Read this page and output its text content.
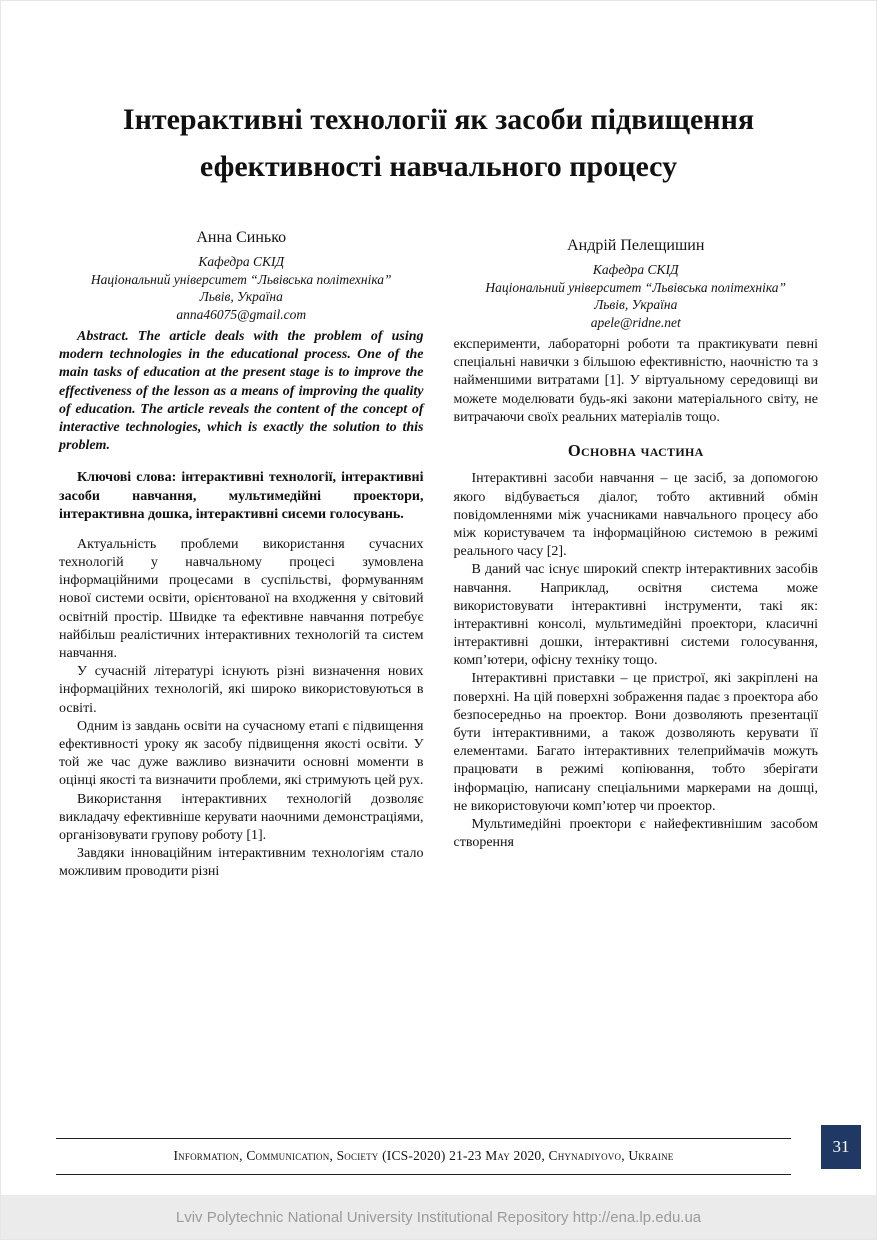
Інтерактивні технології як засоби підвищення ефективності навчального процесу
Анна Синько
Кафедра СКІД
Національний університет “Львівська політехніка”
Львів, Україна
anna46075@gmail.com

Abstract. The article deals with the problem of using modern technologies in the educational process. One of the main tasks of education at the present stage is to improve the effectiveness of the lesson as a means of improving the quality of education. The article reveals the content of the concept of interactive technologies, which is exactly the solution to this problem.

Ключові слова: інтерактивні технології, інтерактивні засоби навчання, мультимедійні проектори, інтерактивна дошка, інтерактивні сисеми голосувань.

Актуальність проблеми використання сучасних технологій у навчальному процесі зумовлена інформаційними процесами в суспільстві, формуванням нової системи освіти, орієнтованої на входження у світовий освітній простір. Швидке та ефективне навчання потребує найбільш реалістичних інтерактивних технологій та систем навчання.

У сучасній літературі існують різні визначення нових інформаційних технологій, які широко використовуються в освіті.

Одним із завдань освіти на сучасному етапі є підвищення ефективності уроку як засобу підвищення якості освіти. У той же час дуже важливо визначити основні моменти в оцінці якості та визначити проблеми, які стримують цей рух.

Використання інтерактивних технологій дозволяє викладачу ефективніше керувати наочними демонстраціями, організовувати групову роботу [1].

Завдяки інноваційним інтерактивним технологіям стало можливим проводити різні

Андрій Пелещишин
Кафедра СКІД
Національний університет “Львівська політехніка”
Львів, Україна
apele@ridne.net

експерименти, лабораторні роботи та практикувати певні спеціальні навички з більшою ефективністю, наочністю та з найменшими витратами [1]. У віртуальному середовищі ви можете моделювати будь-які закони матеріального світу, не витрачаючи своїх реальних матеріалів тощо.

Основна частина

Інтерактивні засоби навчання – це засіб, за допомогою якого відбувається діалог, тобто активний обмін повідомленнями між учасниками навчального процесу або між користувачем та інформаційною системою в режимі реального часу [2].

В даний час існує широкий спектр інтерактивних засобів навчання. Наприклад, освітня система може використовувати інтерактивні інструменти, такі як: інтерактивні консолі, мультимедійні проектори, класичні інтерактивні дошки, інтерактивні системи голосування, комп’ютери, офісну техніку тощо.

Інтерактивні приставки – це пристрої, які закріплені на поверхні. На цій поверхні зображення падає з проектора або безпосередньо на проектор. Вони дозволяють презентації бути інтерактивними, а також дозволяють керувати її елементами. Багато інтерактивних телеприймачів можуть працювати в режимі копіювання, тобто зберігати інформацію, написану спеціальними маркерами на дошці, не використовуючи комп’ютер чи проектор.

Мультимедійні проектори є найефективнішим засобом створення

Information, Communication, Society (ICS-2020) 21-23 May 2020, Chynadiyovo, Ukraine	31
Lviv Polytechnic National University Institutional Repository http://ena.lp.edu.ua
